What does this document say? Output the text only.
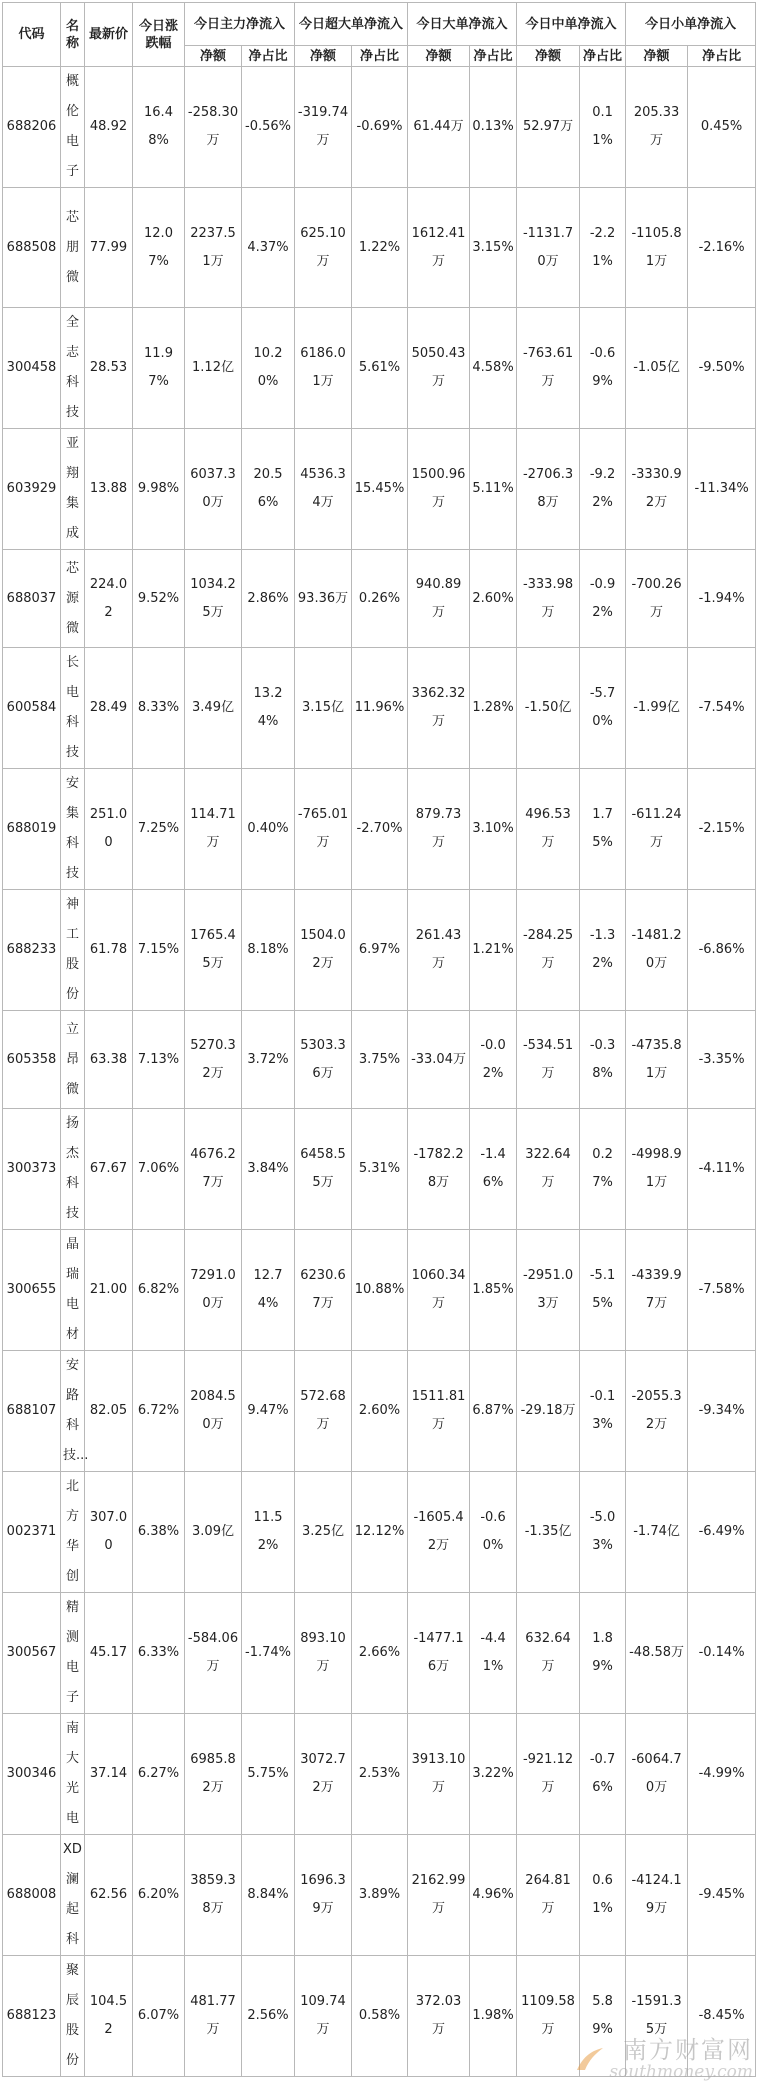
代码	名称	最新价	今日涨跌幅	今日主力净流入		今日超大单净流入		今日大单净流入		今日中单净流入		今日小单净流入	
				净额	净占比	净额	净占比	净额	净占比	净额	净占比	净额	净占比
688206	概伦电子	48.92	16.48%	-258.30万	-0.56%	-319.74万	-0.69%	61.44万	0.13%	52.97万	0.11%	205.33万	0.45%
688508	芯朋微	77.99	12.07%	2237.51万	4.37%	625.10万	1.22%	1612.41万	3.15%	-1131.70万	-2.21%	-1105.81万	-2.16%
300458	全志科技	28.53	11.97%	1.12亿	10.20%	6186.01万	5.61%	5050.43万	4.58%	-763.61万	-0.69%	-1.05亿	-9.50%
603929	亚翔集成	13.88	9.98%	6037.30万	20.56%	4536.34万	15.45%	1500.96万	5.11%	-2706.38万	-9.22%	-3330.92万	-11.34%
688037	芯源微	224.02	9.52%	1034.25万	2.86%	93.36万	0.26%	940.89万	2.60%	-333.98万	-0.92%	-700.26万	-1.94%
600584	长电科技	28.49	8.33%	3.49亿	13.24%	3.15亿	11.96%	3362.32万	1.28%	-1.50亿	-5.70%	-1.99亿	-7.54%
688019	安集科技	251.00	7.25%	114.71万	0.40%	-765.01万	-2.70%	879.73万	3.10%	496.53万	1.75%	-611.24万	-2.15%
688233	神工股份	61.78	7.15%	1765.45万	8.18%	1504.02万	6.97%	261.43万	1.21%	-284.25万	-1.32%	-1481.20万	-6.86%
605358	立昂微	63.38	7.13%	5270.32万	3.72%	5303.36万	3.75%	-33.04万	-0.02%	-534.51万	-0.38%	-4735.81万	-3.35%
300373	扬杰科技	67.67	7.06%	4676.27万	3.84%	6458.55万	5.31%	-1782.28万	-1.46%	322.64万	0.27%	-4998.91万	-4.11%
300655	晶瑞电材	21.00	6.82%	7291.00万	12.74%	6230.67万	10.88%	1060.34万	1.85%	-2951.03万	-5.15%	-4339.97万	-7.58%
688107	安路科技...	82.05	6.72%	2084.50万	9.47%	572.68万	2.60%	1511.81万	6.87%	-29.18万	-0.13%	-2055.32万	-9.34%
002371	北方华创	307.00	6.38%	3.09亿	11.52%	3.25亿	12.12%	-1605.42万	-0.60%	-1.35亿	-5.03%	-1.74亿	-6.49%
300567	精测电子	45.17	6.33%	-584.06万	-1.74%	893.10万	2.66%	-1477.16万	-4.41%	632.64万	1.89%	-48.58万	-0.14%
300346	南大光电	37.14	6.27%	6985.82万	5.75%	3072.72万	2.53%	3913.10万	3.22%	-921.12万	-0.76%	-6064.70万	-4.99%
688008	XD澜起科	62.56	6.20%	3859.38万	8.84%	1696.39万	3.89%	2162.99万	4.96%	264.81万	0.61%	-4124.19万	-9.45%
688123	聚辰股份	104.52	6.07%	481.77万	2.56%	109.74万	0.58%	372.03万	1.98%	1109.58万	5.89%	-1591.35万	-8.45%
南方财富网
southmoney.com
